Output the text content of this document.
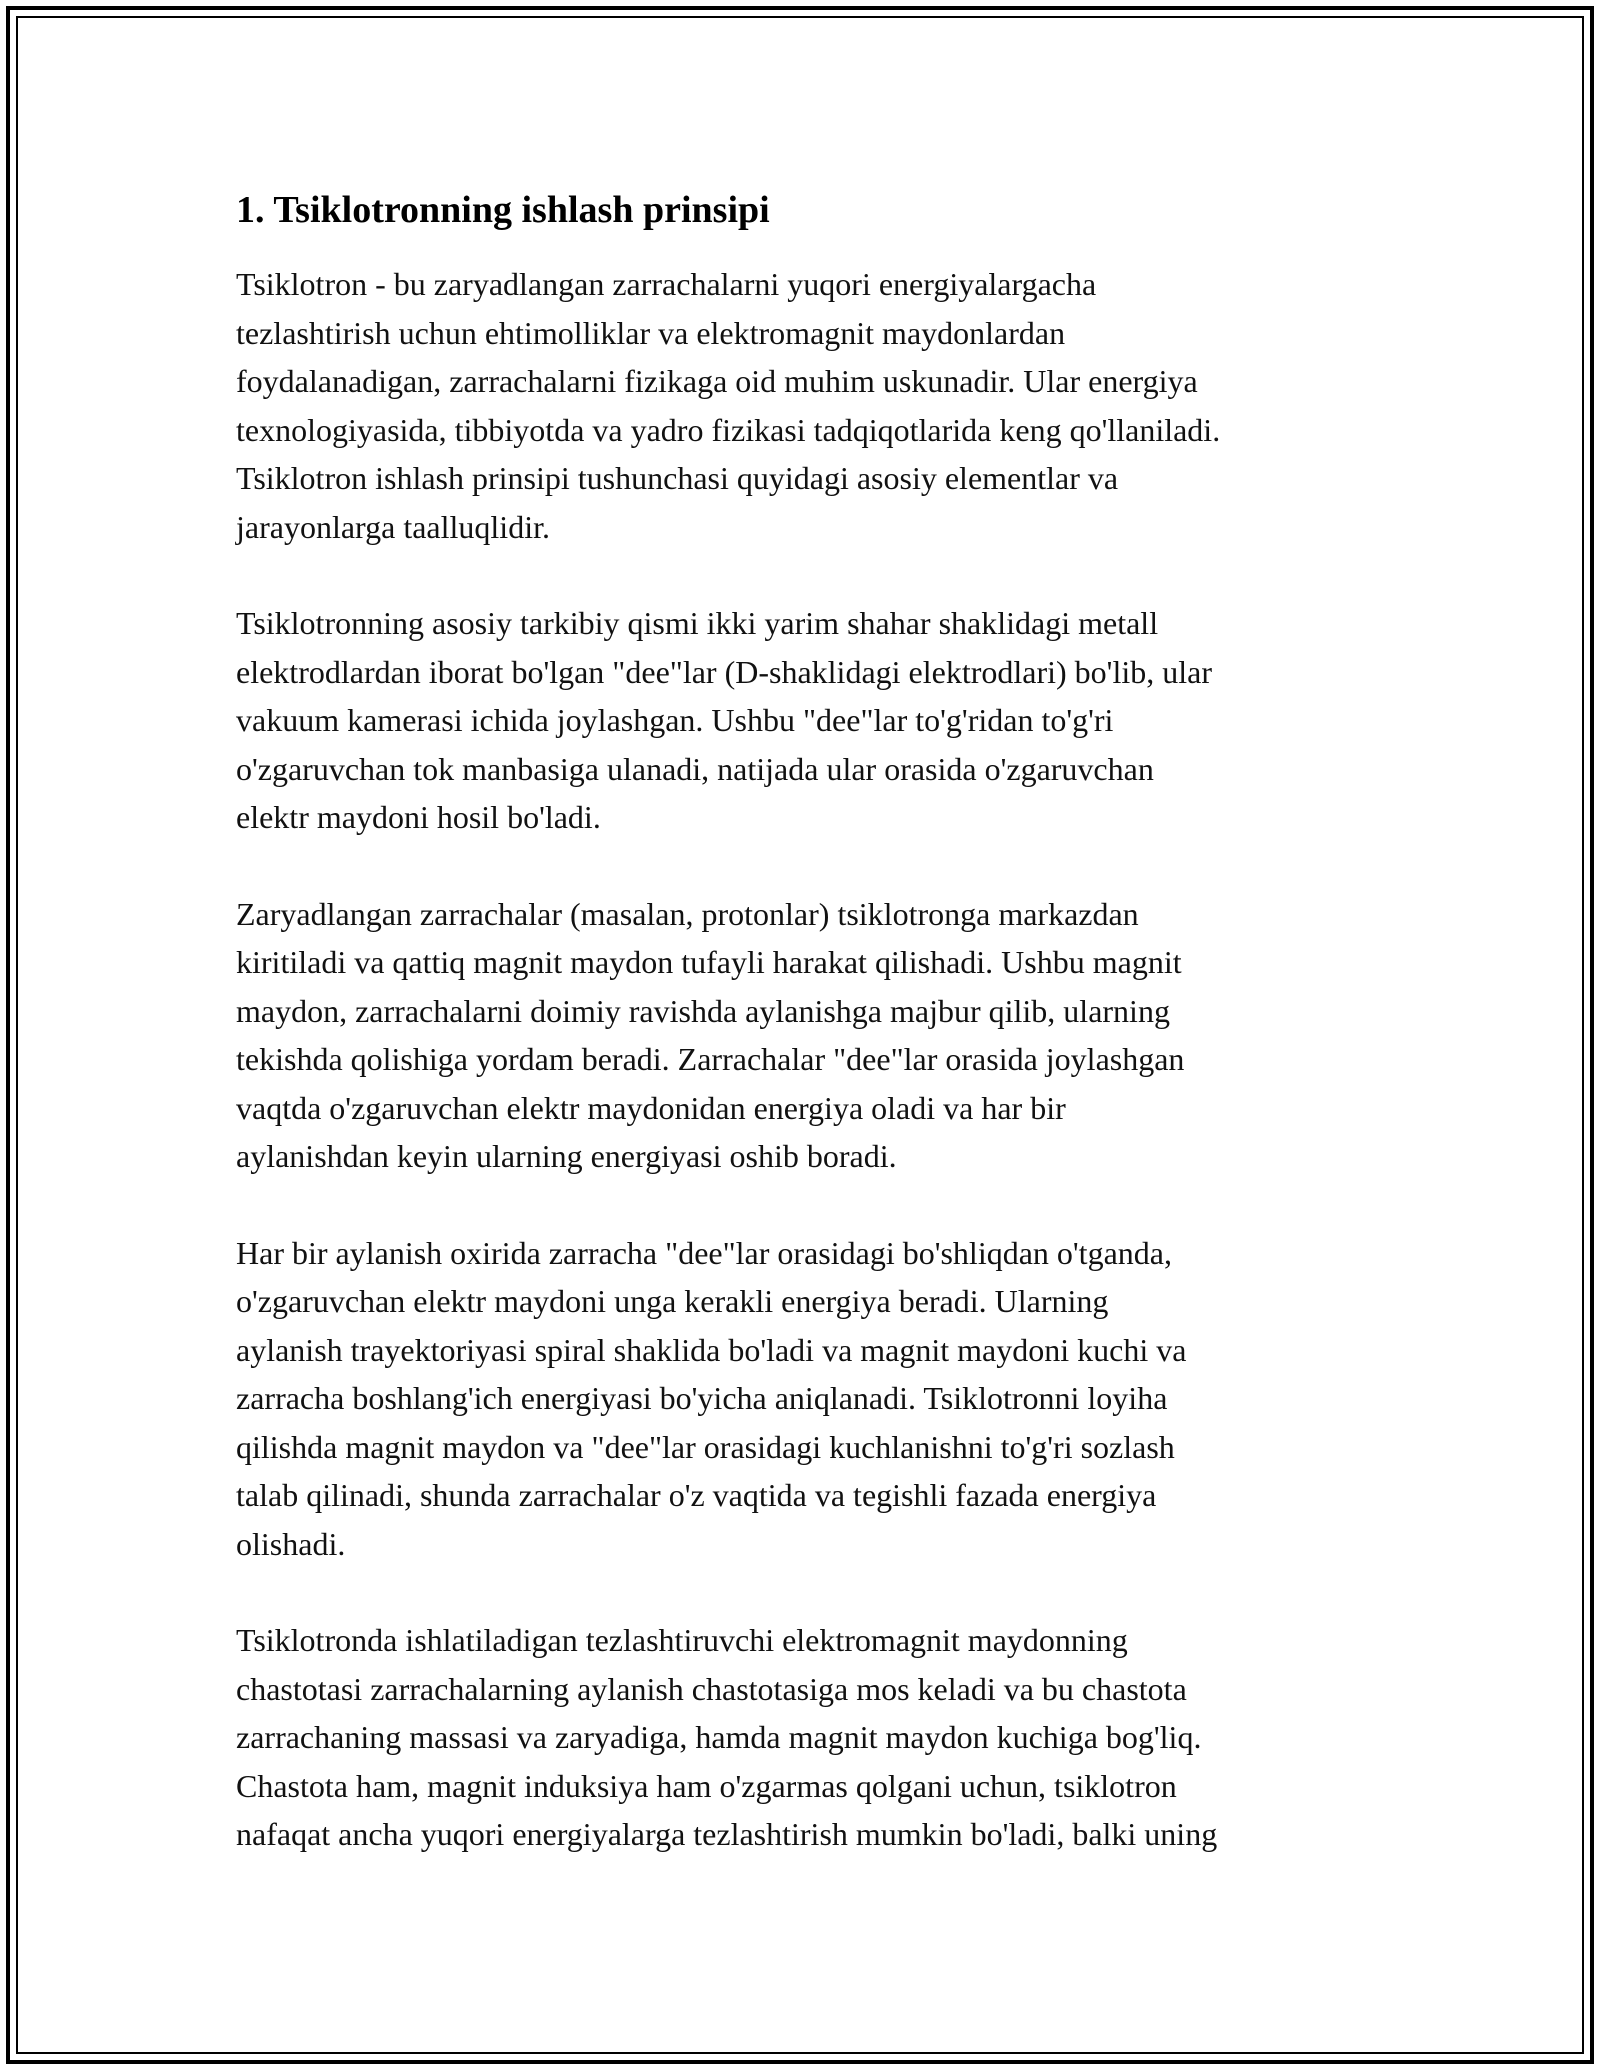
1. Tsiklotronning ishlash prinsipi

Tsiklotron - bu zaryadlangan zarrachalarni yuqori energiyalargacha
tezlashtirish uchun ehtimolliklar va elektromagnit maydonlardan
foydalanadigan, zarrachalarni fizikaga oid muhim uskunadir. Ular energiya
texnologiyasida, tibbiyotda va yadro fizikasi tadqiqotlarida keng qo'llaniladi.
Tsiklotron ishlash prinsipi tushunchasi quyidagi asosiy elementlar va
jarayonlarga taalluqlidir.

Tsiklotronning asosiy tarkibiy qismi ikki yarim shahar shaklidagi metall
elektrodlardan iborat bo'lgan "dee"lar (D-shaklidagi elektrodlari) bo'lib, ular
vakuum kamerasi ichida joylashgan. Ushbu "dee"lar to'g'ridan to'g'ri
o'zgaruvchan tok manbasiga ulanadi, natijada ular orasida o'zgaruvchan
elektr maydoni hosil bo'ladi.

Zaryadlangan zarrachalar (masalan, protonlar) tsiklotronga markazdan
kiritiladi va qattiq magnit maydon tufayli harakat qilishadi. Ushbu magnit
maydon, zarrachalarni doimiy ravishda aylanishga majbur qilib, ularning
tekishda qolishiga yordam beradi. Zarrachalar "dee"lar orasida joylashgan
vaqtda o'zgaruvchan elektr maydonidan energiya oladi va har bir
aylanishdan keyin ularning energiyasi oshib boradi.

Har bir aylanish oxirida zarracha "dee"lar orasidagi bo'shliqdan o'tganda,
o'zgaruvchan elektr maydoni unga kerakli energiya beradi. Ularning
aylanish trayektoriyasi spiral shaklida bo'ladi va magnit maydoni kuchi va
zarracha boshlang'ich energiyasi bo'yicha aniqlanadi. Tsiklotronni loyiha
qilishda magnit maydon va "dee"lar orasidagi kuchlanishni to'g'ri sozlash
talab qilinadi, shunda zarrachalar o'z vaqtida va tegishli fazada energiya
olishadi.

Tsiklotronda ishlatiladigan tezlashtiruvchi elektromagnit maydonning
chastotasi zarrachalarning aylanish chastotasiga mos keladi va bu chastota
zarrachaning massasi va zaryadiga, hamda magnit maydon kuchiga bog'liq.
Chastota ham, magnit induksiya ham o'zgarmas qolgani uchun, tsiklotron
nafaqat ancha yuqori energiyalarga tezlashtirish mumkin bo'ladi, balki uning
